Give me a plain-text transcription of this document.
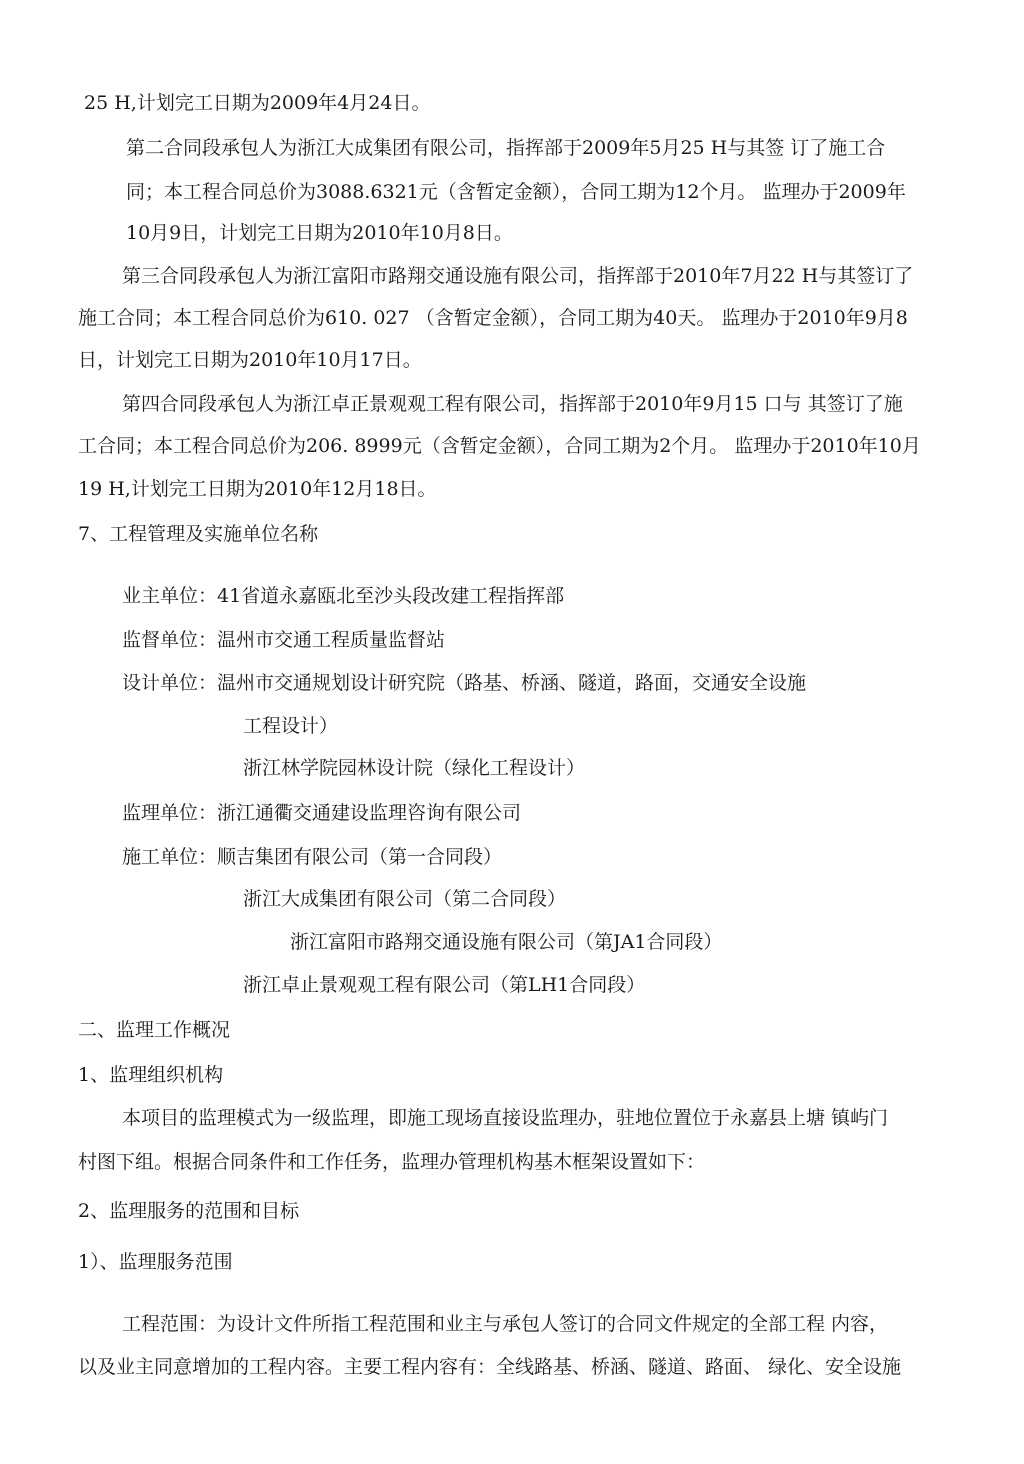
25 H,计划完工日期为2009年4月24日。
第二合同段承包人为浙江大成集团有限公司，指挥部于2009年5月25 H与其签 订了施工合
同；本工程合同总价为3088.6321元（含暂定金额），合同工期为12个月。 监理办于2009年
10月9日，计划完工日期为2010年10月8日。
第三合同段承包人为浙江富阳市路翔交通设施有限公司，指挥部于2010年7月22 H与其签订了
施工合同；本工程合同总价为610. 027 （含暂定金额），合同工期为40天。 监理办于2010年9月8
日，计划完工日期为2010年10月17日。
第四合同段承包人为浙江卓正景观观工程有限公司，指挥部于2010年9月15 口与 其签订了施
工合同；本工程合同总价为206. 8999元（含暂定金额），合同工期为2个月。 监理办于2010年10月
19 H,计划完工日期为2010年12月18日。
7、工程管理及实施单位名称
业主单位：41省道永嘉瓯北至沙头段改建工程指挥部
监督单位：温州市交通工程质量监督站
设计单位：温州市交通规划设计研究院（路基、桥涵、隧道，路面，交通安全设施
工程设计）
浙江林学院园林设计院（绿化工程设计）
监理单位：浙江通衢交通建设监理咨询有限公司
施工单位：顺吉集团有限公司（第一合同段）
浙江大成集团有限公司（第二合同段）
浙江富阳市路翔交通设施有限公司（第JA1合同段）
浙江卓止景观观工程有限公司（第LH1合同段）
二、监理工作概况
1、监理组织机构
本项目的监理模式为一级监理，即施工现场直接设监理办，驻地位置位于永嘉县上塘 镇屿门
村图下组。根据合同条件和工作任务，监理办管理机构基木框架设置如下：
2、监理服务的范围和目标
1）、监理服务范围
工程范围：为设计文件所指工程范围和业主与承包人签订的合同文件规定的全部工程 内容，
以及业主同意增加的工程内容。主要工程内容有：全线路基、桥涵、隧道、路面、 绿化、安全设施
